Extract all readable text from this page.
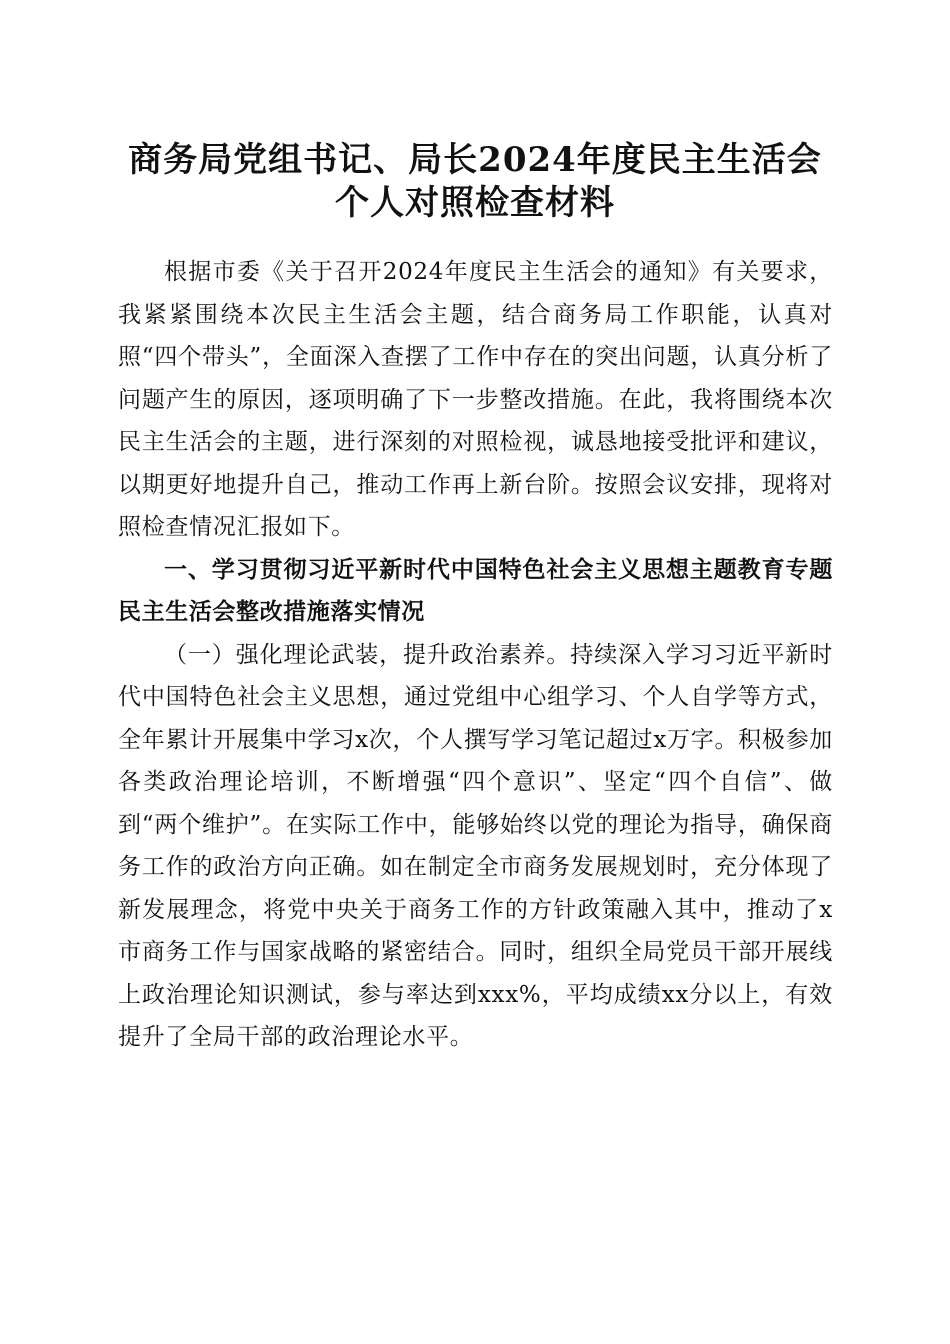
商务局党组书记、局长2024年度民主生活会
个人对照检查材料

根据市委《关于召开2024年度民主生活会的通知》有关要求，我紧紧围绕本次民主生活会主题，结合商务局工作职能，认真对照“四个带头”，全面深入查摆了工作中存在的突出问题，认真分析了问题产生的原因，逐项明确了下一步整改措施。在此，我将围绕本次民主生活会的主题，进行深刻的对照检视，诚恳地接受批评和建议，以期更好地提升自己，推动工作再上新台阶。按照会议安排，现将对照检查情况汇报如下。

一、学习贯彻习近平新时代中国特色社会主义思想主题教育专题民主生活会整改措施落实情况

（一）强化理论武装，提升政治素养。持续深入学习习近平新时代中国特色社会主义思想，通过党组中心组学习、个人自学等方式，全年累计开展集中学习x次，个人撰写学习笔记超过x万字。积极参加各类政治理论培训，不断增强“四个意识”、坚定“四个自信”、做到“两个维护”。在实际工作中，能够始终以党的理论为指导，确保商务工作的政治方向正确。如在制定全市商务发展规划时，充分体现了新发展理念，将党中央关于商务工作的方针政策融入其中，推动了x市商务工作与国家战略的紧密结合。同时，组织全局党员干部开展线上政治理论知识测试，参与率达到xxx%，平均成绩xx分以上，有效提升了全局干部的政治理论水平。
